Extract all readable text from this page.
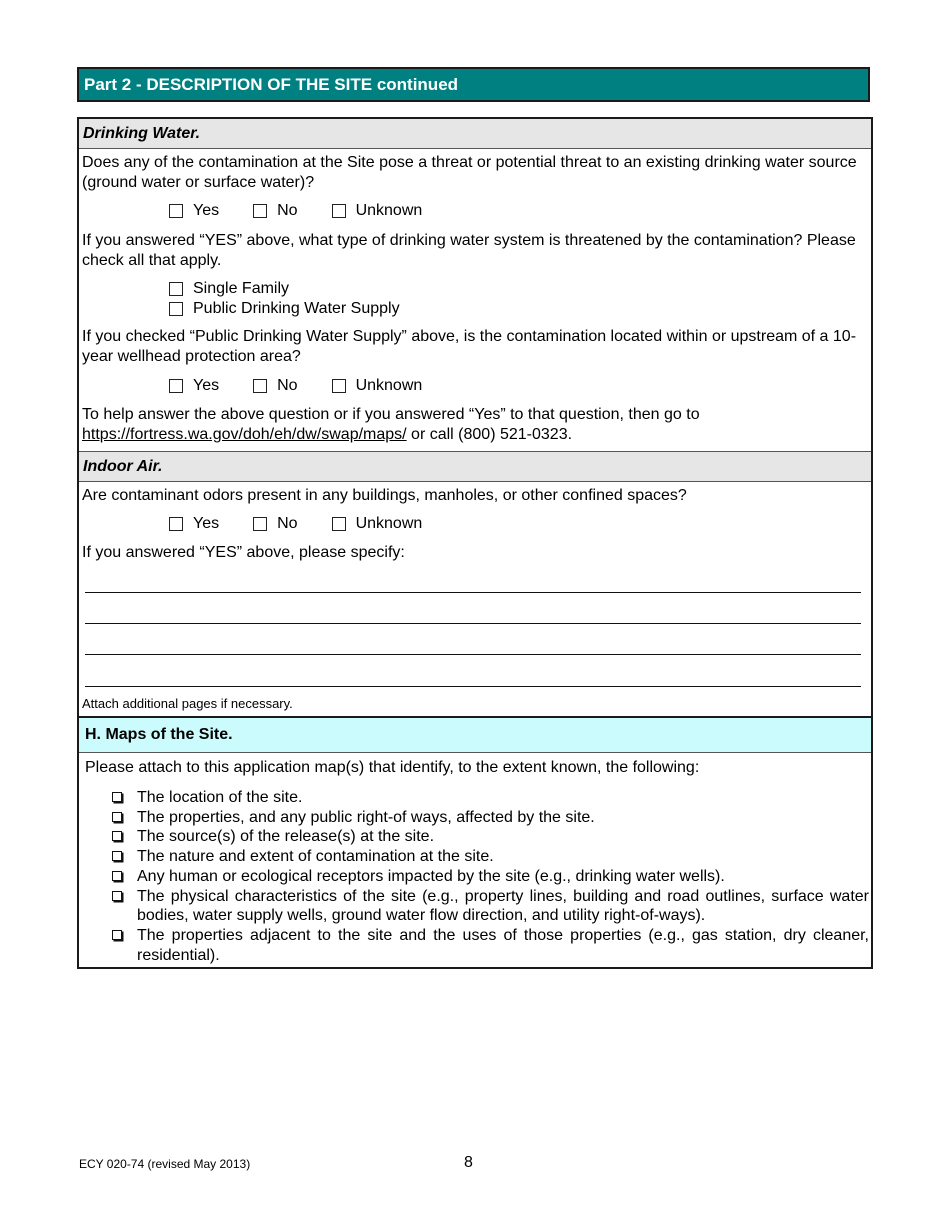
Part 2 - DESCRIPTION OF THE SITE continued
Drinking Water.
Does any of the contamination at the Site pose a threat or potential threat to an existing drinking water source (ground water or surface water)?
Yes	No	Unknown
If you answered “YES” above, what type of drinking water system is threatened by the contamination? Please check all that apply.
Single Family
Public Drinking Water Supply
If you checked “Public Drinking Water Supply” above, is the contamination located within or upstream of a 10-year wellhead protection area?
Yes	No	Unknown
To help answer the above question or if you answered “Yes” to that question, then go to
https://fortress.wa.gov/doh/eh/dw/swap/maps/ or call (800) 521-0323.
Indoor Air.
Are contaminant odors present in any buildings, manholes, or other confined spaces?
Yes	No	Unknown
If you answered “YES” above, please specify:
Attach additional pages if necessary.
H. Maps of the Site.
Please attach to this application map(s) that identify, to the extent known, the following:
The location of the site.
The properties, and any public right-of ways, affected by the site.
The source(s) of the release(s) at the site.
The nature and extent of contamination at the site.
Any human or ecological receptors impacted by the site (e.g., drinking water wells).
The physical characteristics of the site (e.g., property lines, building and road outlines, surface water bodies, water supply wells, ground water flow direction, and utility right-of-ways).
The properties adjacent to the site and the uses of those properties (e.g., gas station, dry cleaner, residential).
ECY 020-74 (revised May 2013)	8
